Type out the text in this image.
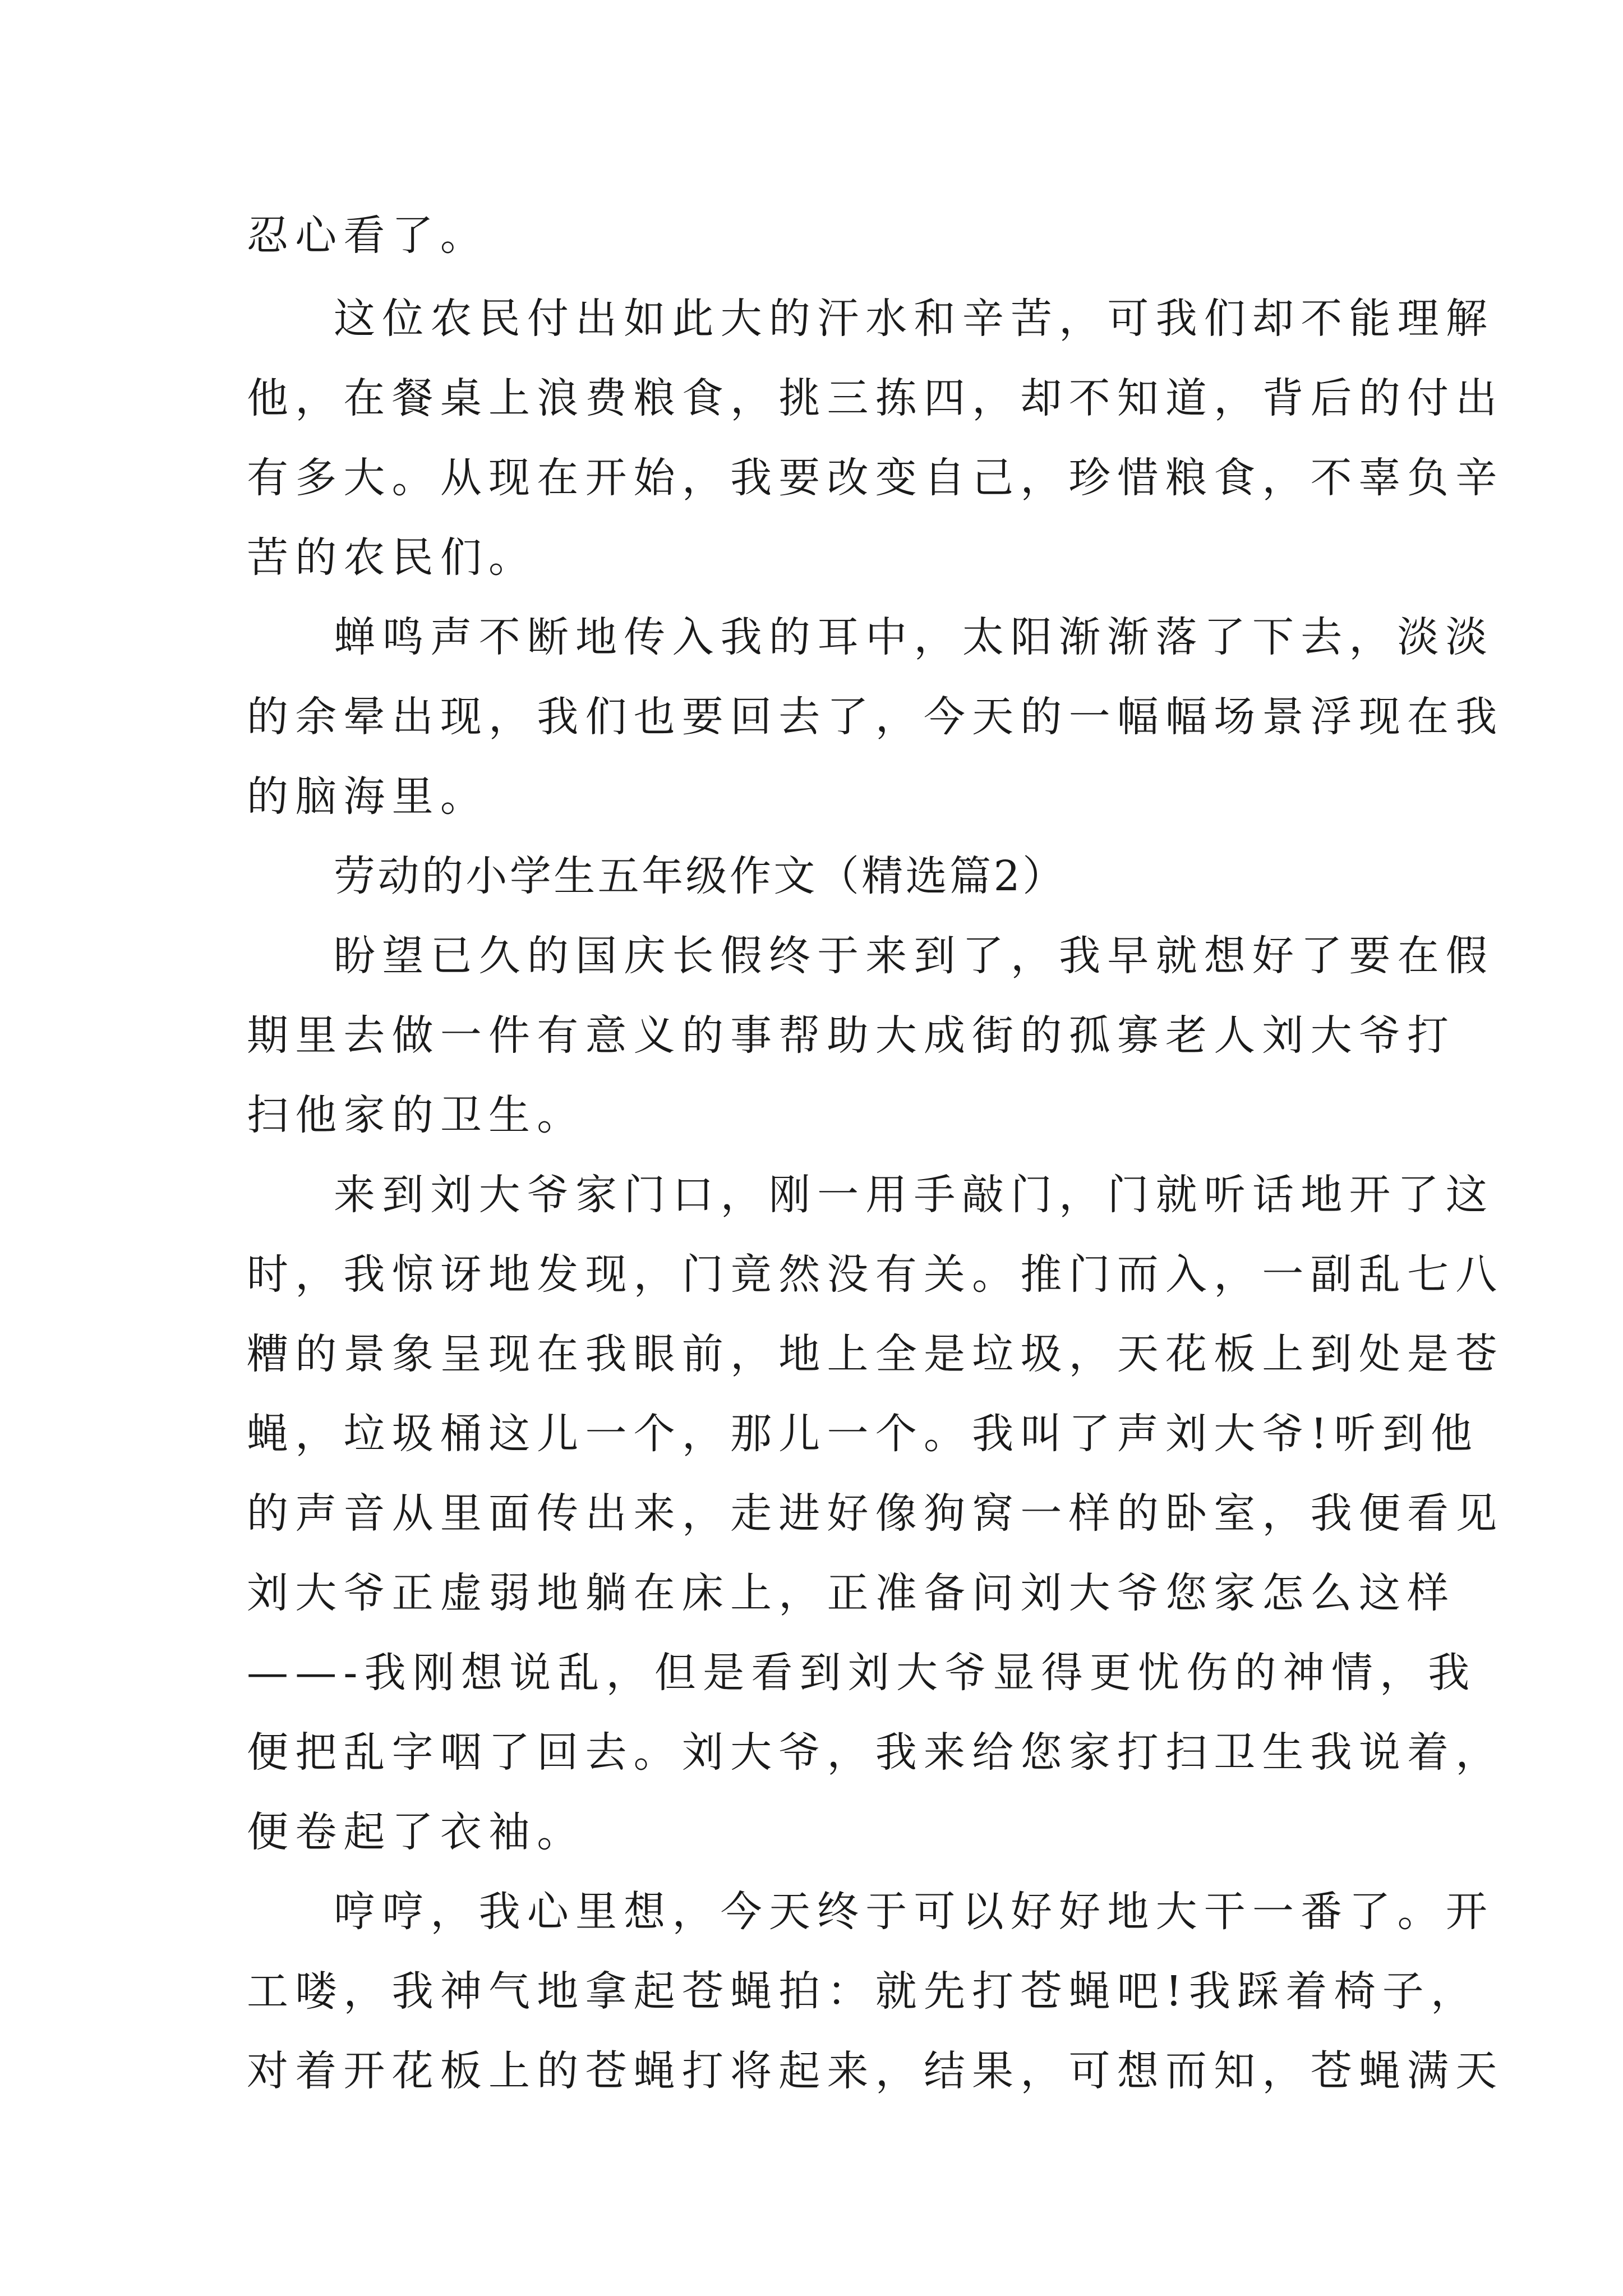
忍心看了。
这位农民付出如此大的汗水和辛苦，可我们却不能理解
他，在餐桌上浪费粮食，挑三拣四，却不知道，背后的付出
有多大。从现在开始，我要改变自己，珍惜粮食，不辜负辛
苦的农民们。
蝉鸣声不断地传入我的耳中，太阳渐渐落了下去，淡淡
的余晕出现，我们也要回去了，今天的一幅幅场景浮现在我
的脑海里。
劳动的小学生五年级作文（精选篇2）
盼望已久的国庆长假终于来到了，我早就想好了要在假
期里去做一件有意义的事帮助大成街的孤寡老人刘大爷打
扫他家的卫生。
来到刘大爷家门口，刚一用手敲门，门就听话地开了这
时，我惊讶地发现，门竟然没有关。推门而入，一副乱七八
糟的景象呈现在我眼前，地上全是垃圾，天花板上到处是苍
蝇，垃圾桶这儿一个，那儿一个。我叫了声刘大爷!听到他
的声音从里面传出来，走进好像狗窝一样的卧室，我便看见
刘大爷正虚弱地躺在床上，正准备问刘大爷您家怎么这样
——-我刚想说乱，但是看到刘大爷显得更忧伤的神情，我
便把乱字咽了回去。刘大爷，我来给您家打扫卫生我说着，
便卷起了衣袖。
哼哼，我心里想，今天终于可以好好地大干一番了。开
工喽，我神气地拿起苍蝇拍：就先打苍蝇吧!我踩着椅子，
对着开花板上的苍蝇打将起来，结果，可想而知，苍蝇满天
